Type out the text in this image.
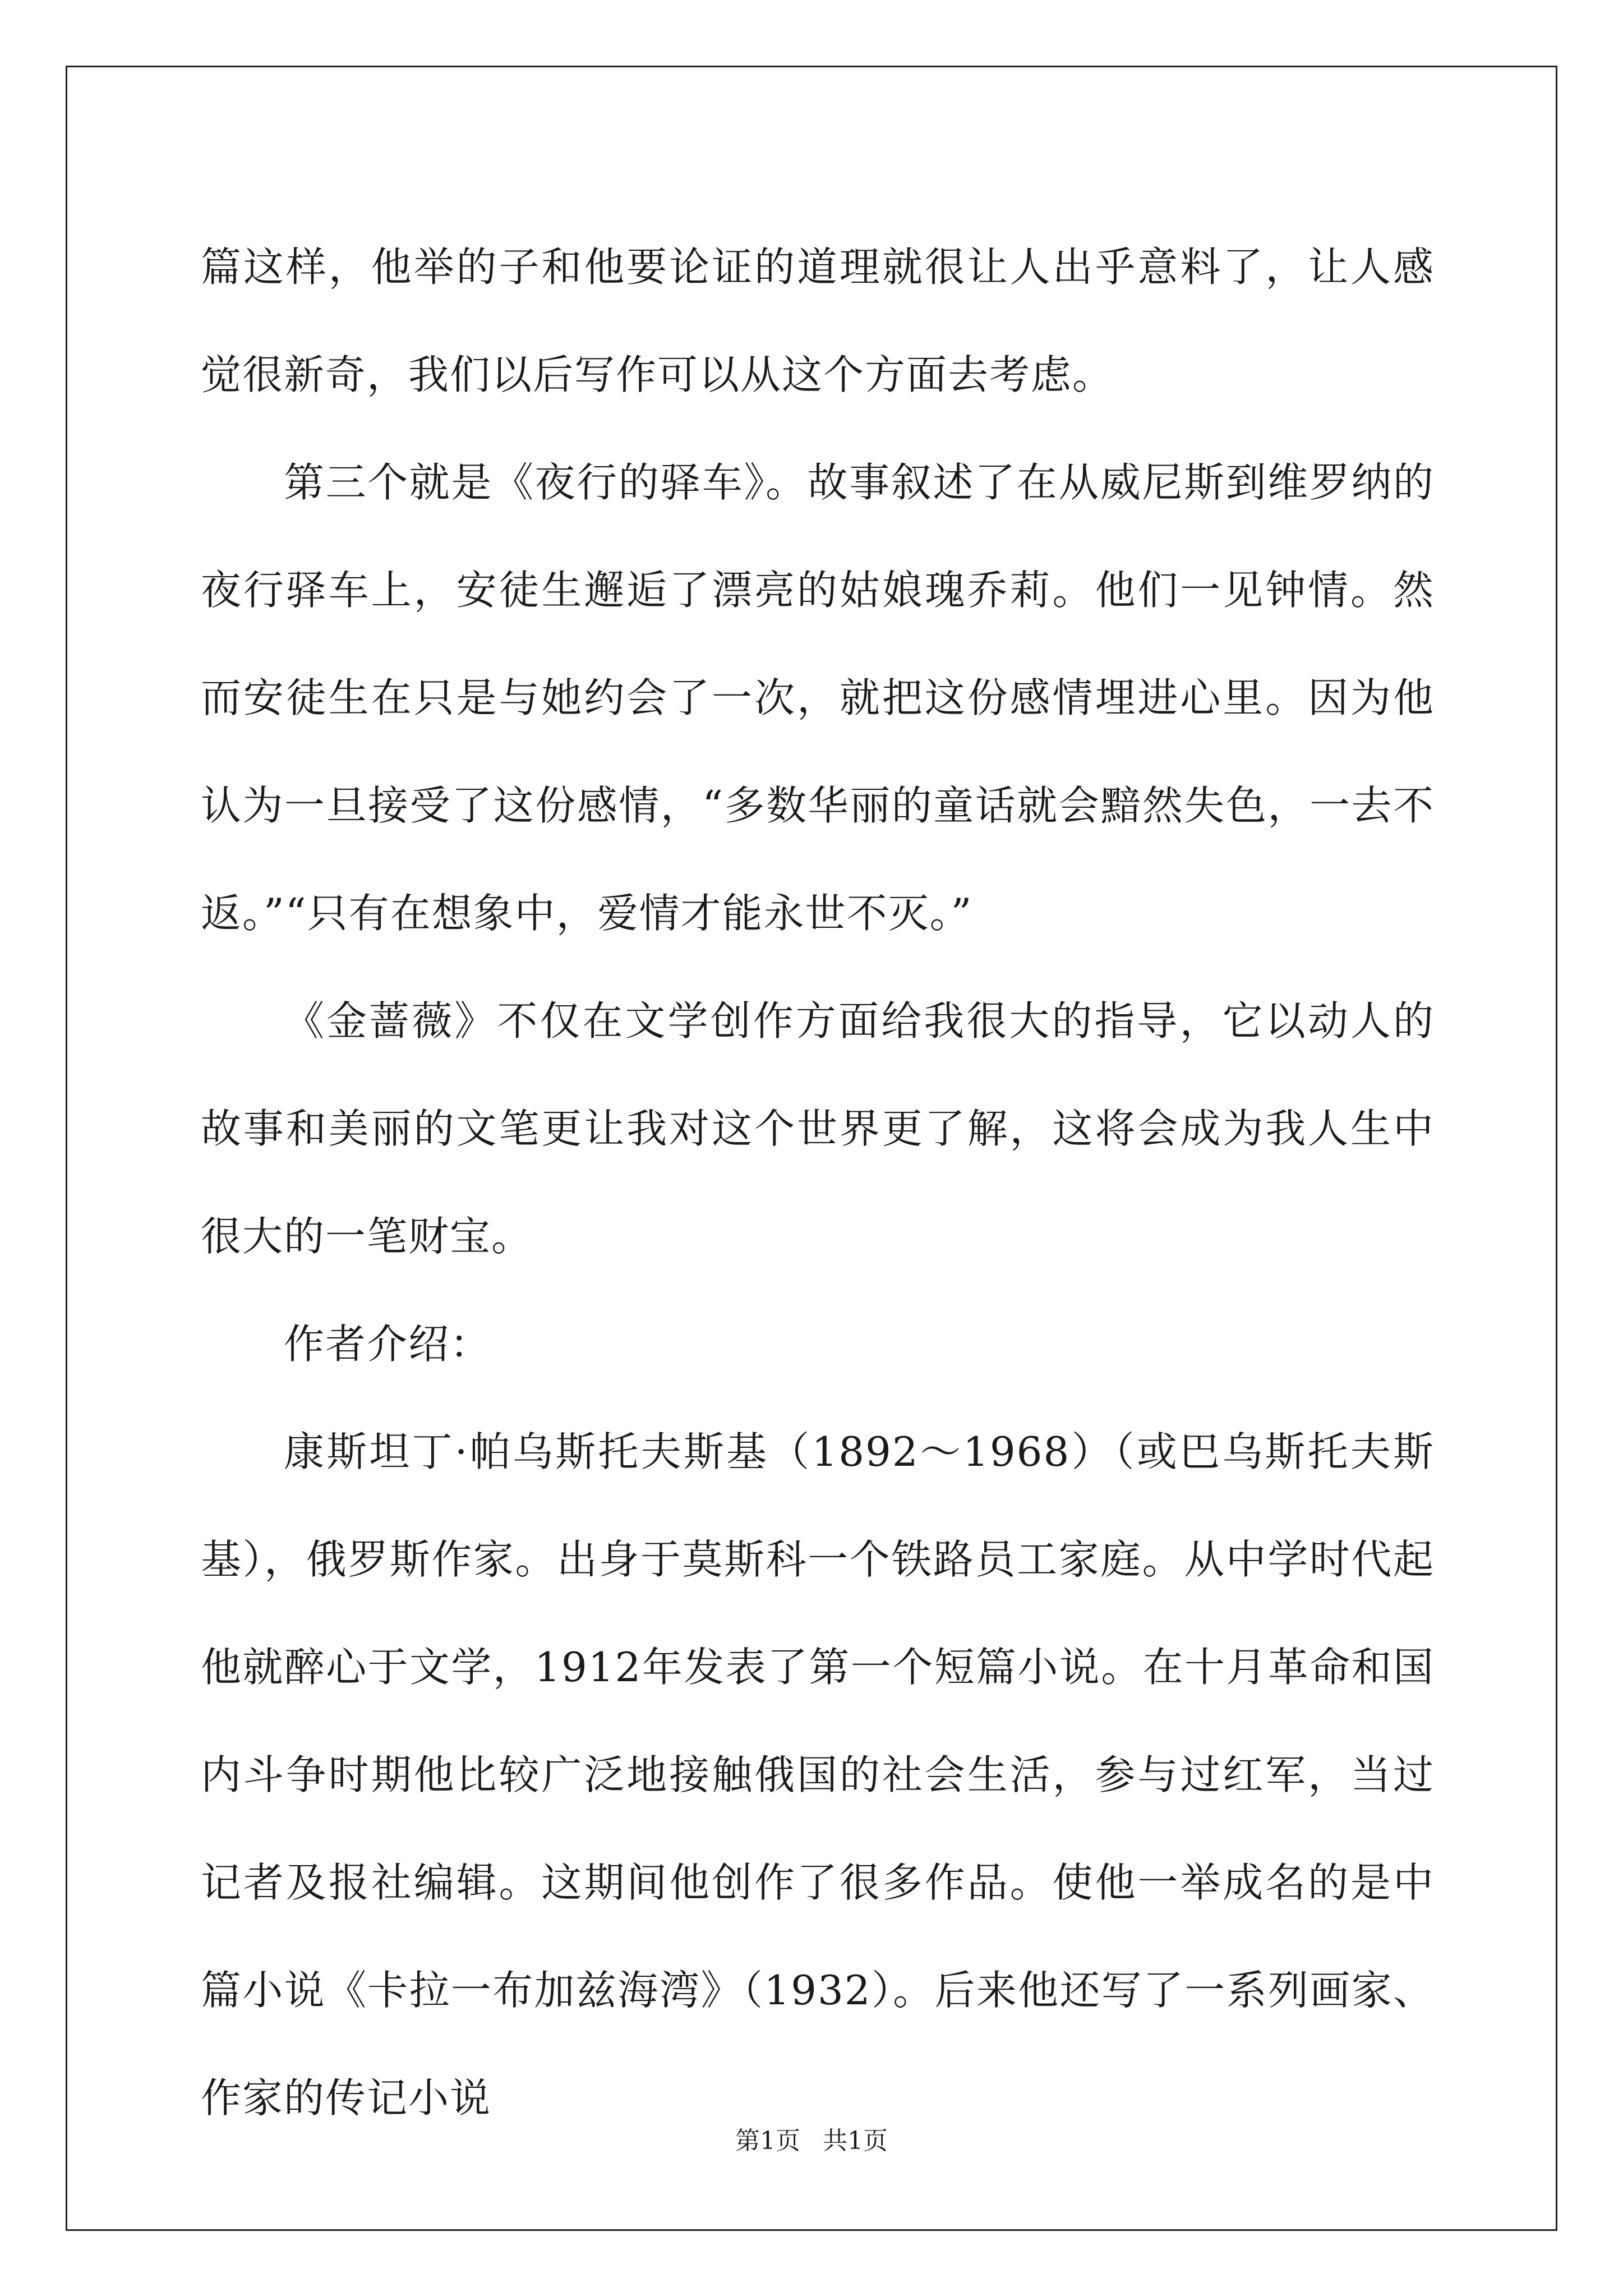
篇这样，他举的子和他要论证的道理就很让人出乎意料了，让人感觉很新奇，我们以后写作可以从这个方面去考虑。

第三个就是《夜行的驿车》。故事叙述了在从威尼斯到维罗纳的夜行驿车上，安徒生邂逅了漂亮的姑娘瑰乔莉。他们一见钟情。然而安徒生在只是与她约会了一次，就把这份感情埋进心里。因为他认为一旦接受了这份感情，“多数华丽的童话就会黯然失色，一去不返。”“只有在想象中，爱情才能永世不灭。”

《金蔷薇》不仅在文学创作方面给我很大的指导，它以动人的故事和美丽的文笔更让我对这个世界更了解，这将会成为我人生中很大的一笔财宝。

作者介绍：

康斯坦丁·帕乌斯托夫斯基（1892～1968）（或巴乌斯托夫斯基），俄罗斯作家。出身于莫斯科一个铁路员工家庭。从中学时代起他就醉心于文学，1912年发表了第一个短篇小说。在十月革命和国内斗争时期他比较广泛地接触俄国的社会生活，参与过红军，当过记者及报社编辑。这期间他创作了很多作品。使他一举成名的是中篇小说《卡拉一布加兹海湾》（1932）。后来他还写了一系列画家、作家的传记小说

第1页 共1页
